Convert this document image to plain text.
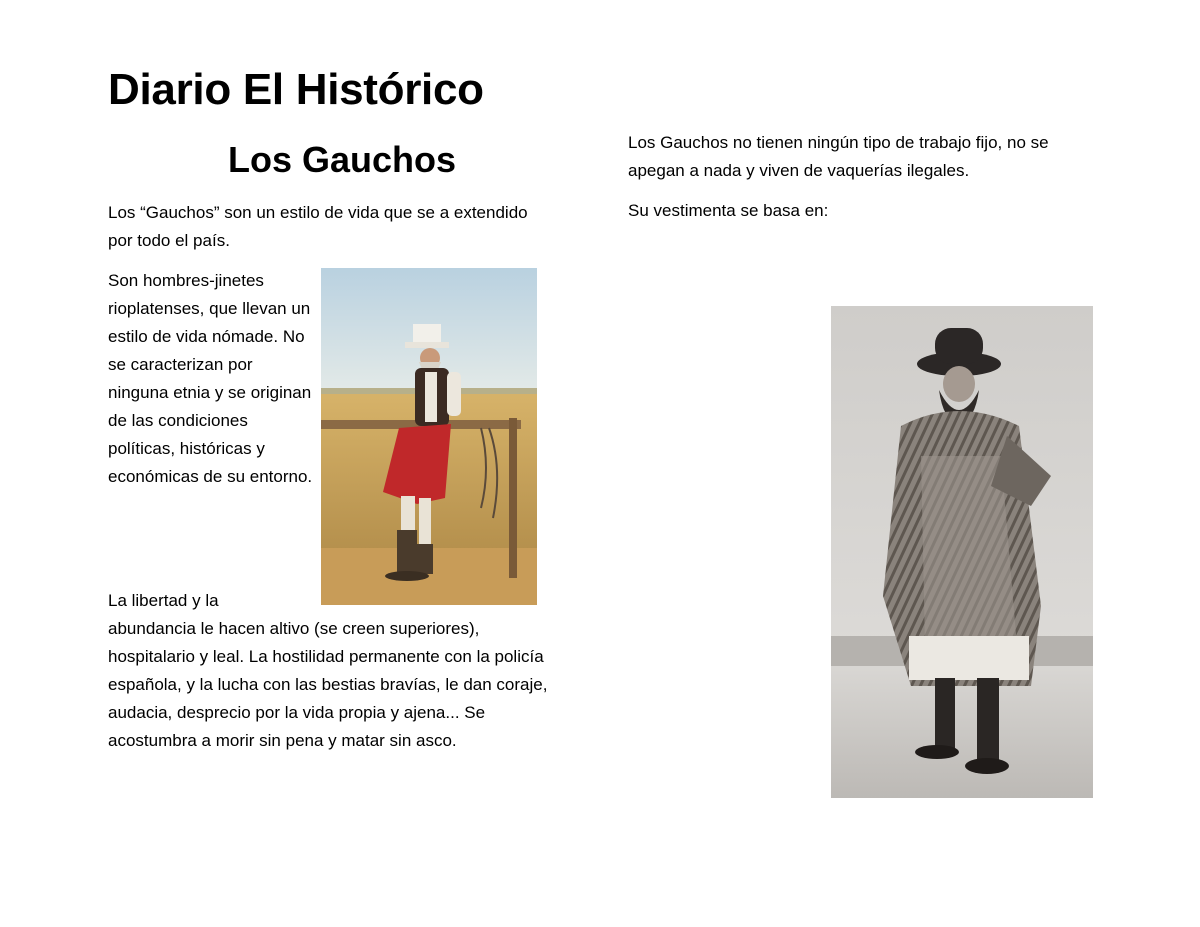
Diario El Histórico
Los Gauchos

Los “Gauchos” son un estilo de vida que se a extendido por todo el país.

Son hombres-jinetes rioplatenses, que llevan un estilo de vida nómade. No se caracterizan por ninguna etnia y se originan de las condiciones políticas, históricas y económicas de su entorno.

La libertad y la
abundancia le hacen altivo (se creen superiores), hospitalario y leal. La hostilidad permanente con la policía española, y la lucha con las bestias bravías, le dan coraje, audacia, desprecio por la vida propia y ajena... Se acostumbra a morir sin pena y matar sin asco.

Los Gauchos no tienen ningún tipo de trabajo fijo, no se apegan a nada y viven de vaquerías ilegales.

Su vestimenta se basa en:
